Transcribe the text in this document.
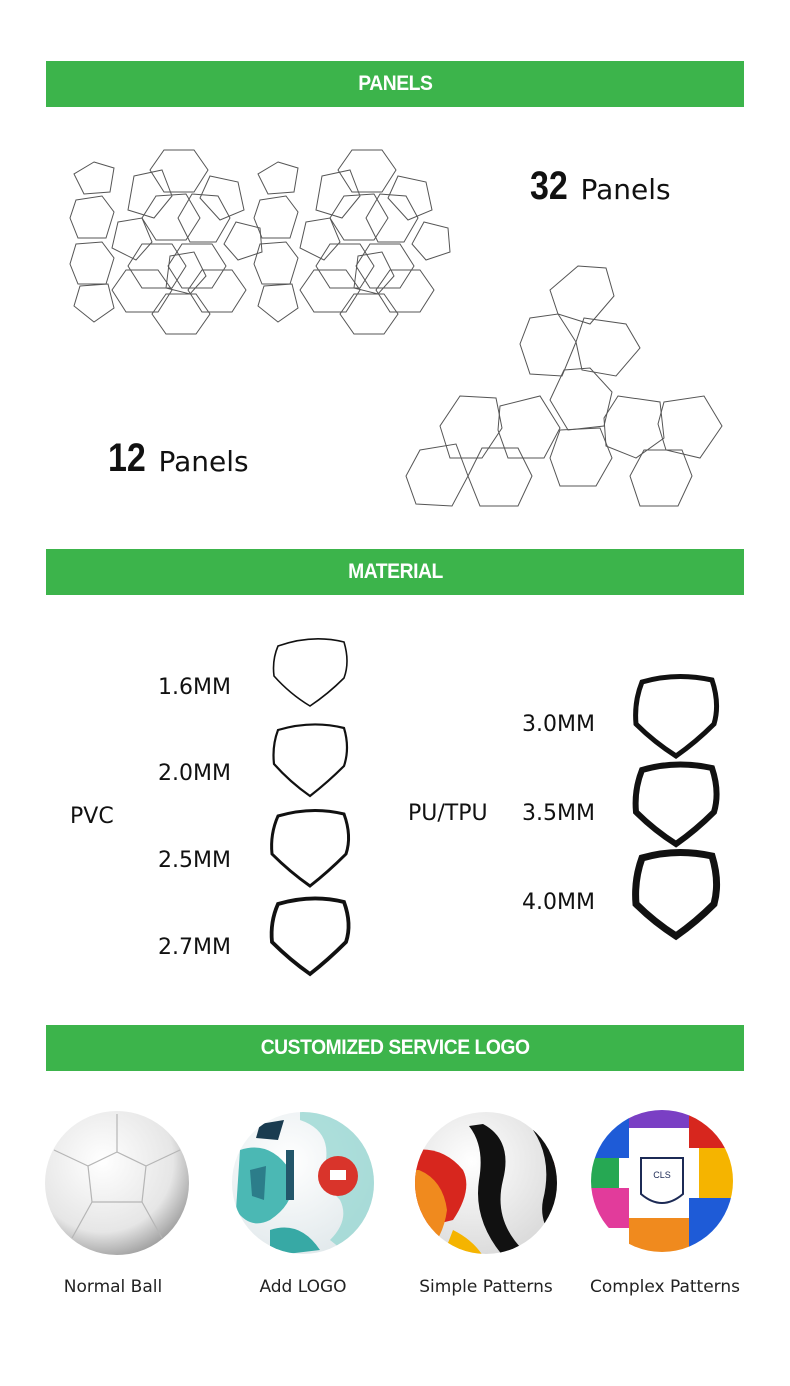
PANELS
32 Panels
12 Panels
MATERIAL
PVC
1.6MM
2.0MM
2.5MM
2.7MM
PU/TPU
3.0MM
3.5MM
4.0MM
CUSTOMIZED SERVICE LOGO
Normal Ball	Add LOGO	Simple Patterns
CLS
Complex Patterns
